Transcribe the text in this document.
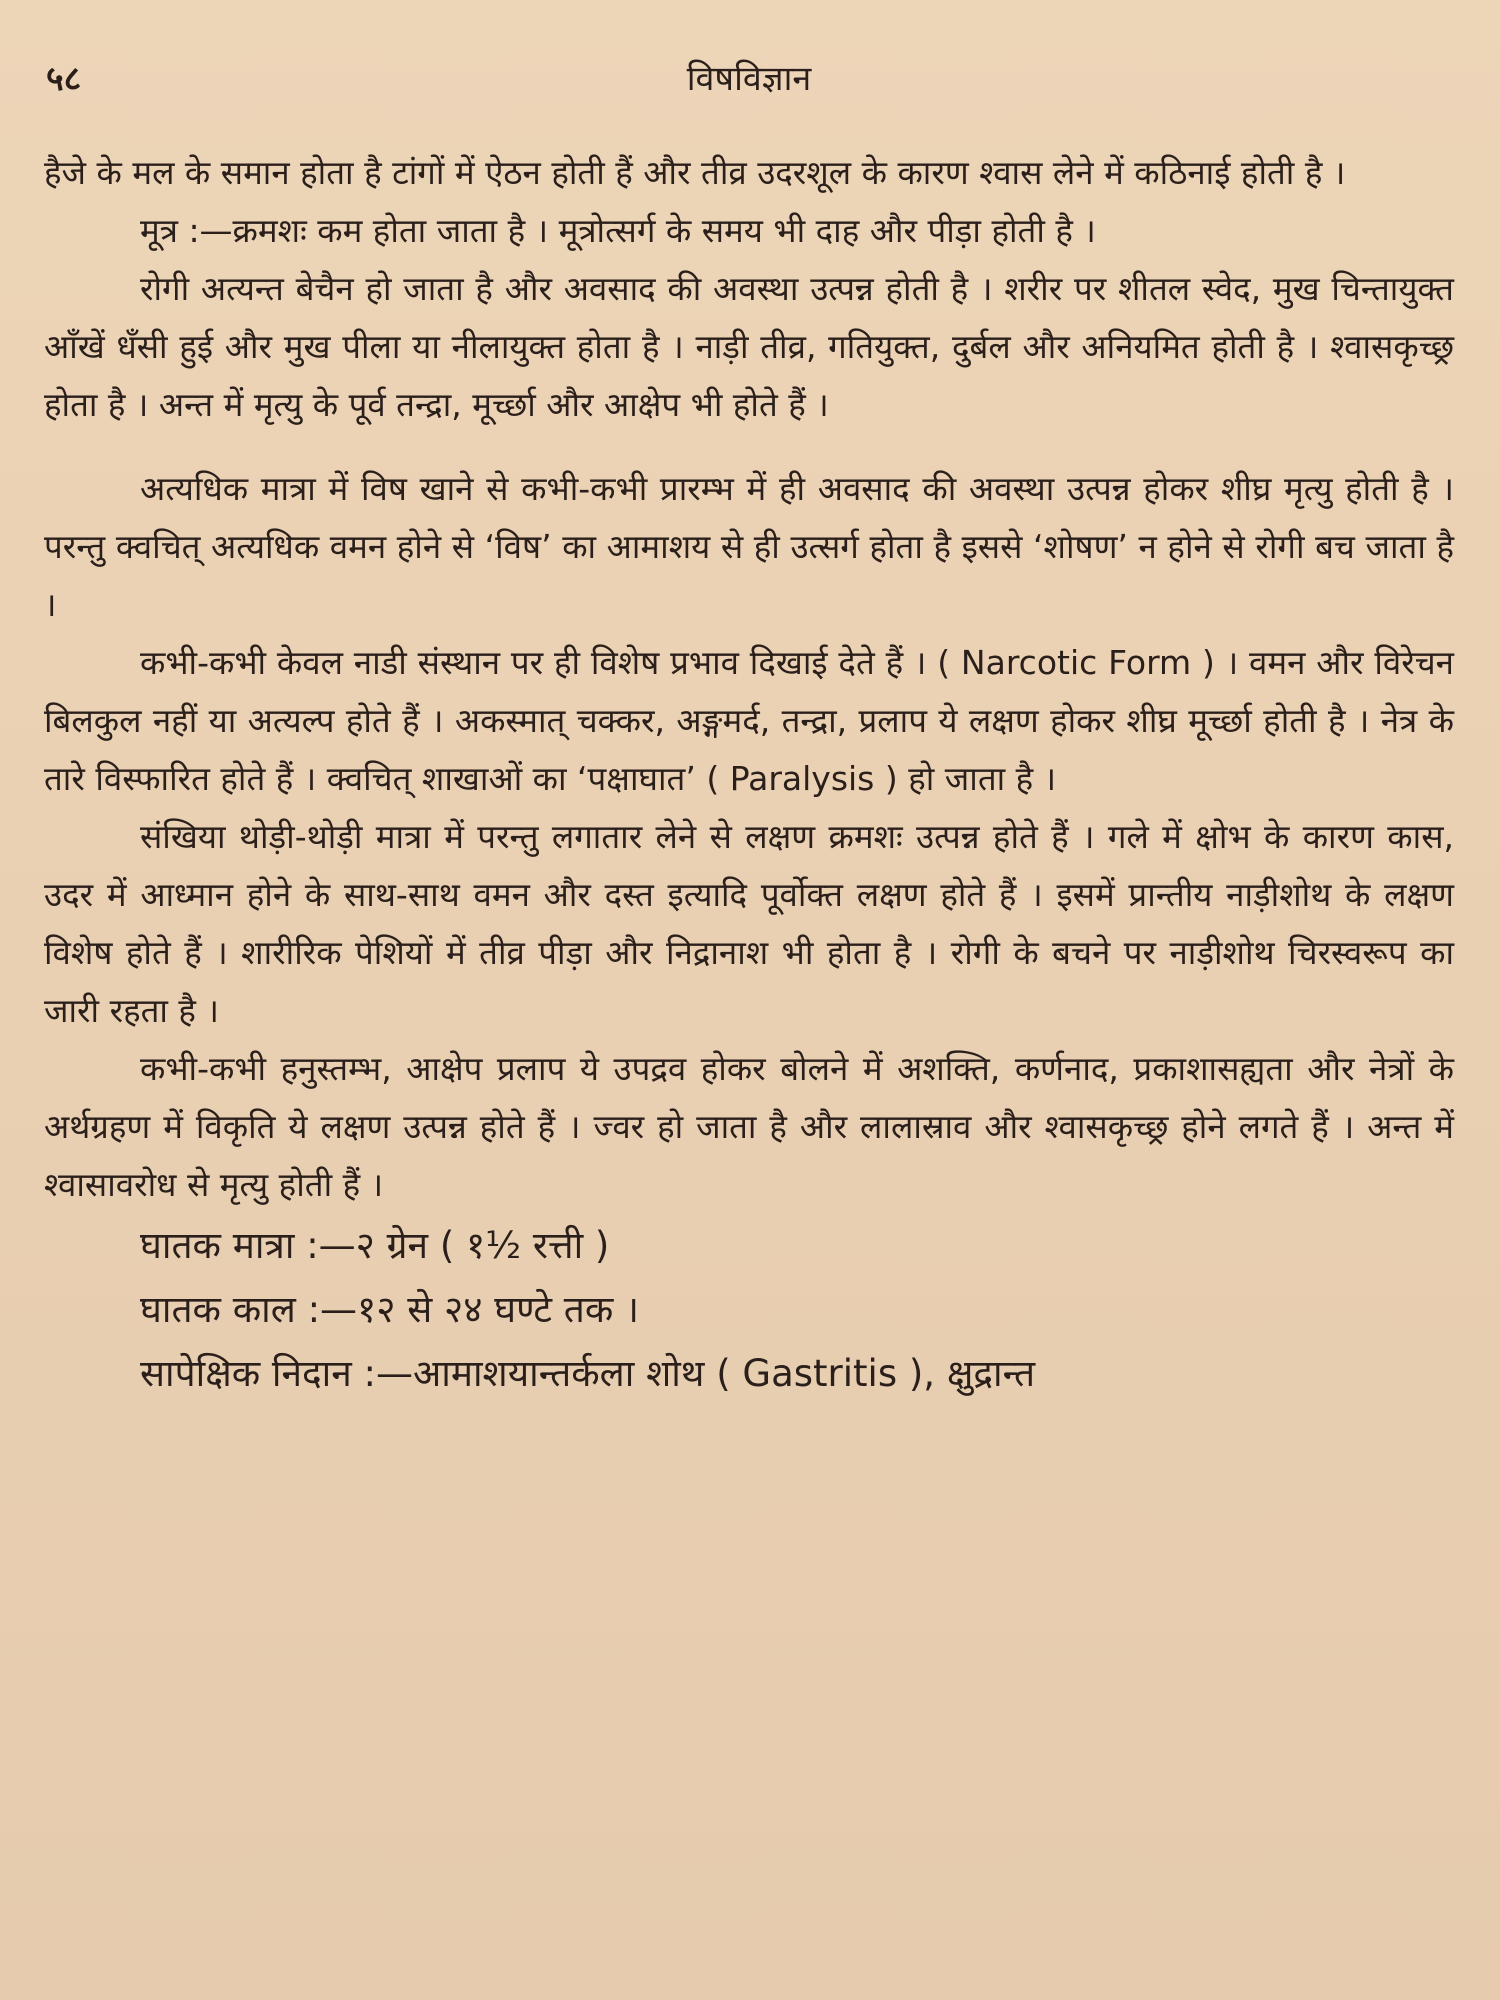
५८	विषविज्ञान

हैजे के मल के समान होता है टांगों में ऐठन होती हैं और तीव्र उदरशूल के कारण श्वास लेने में कठिनाई होती है ।

मूत्र :—क्रमशः कम होता जाता है । मूत्रोत्सर्ग के समय भी दाह और पीड़ा होती है ।

रोगी अत्यन्त बेचैन हो जाता है और अवसाद की अवस्था उत्पन्न होती है । शरीर पर शीतल स्वेद, मुख चिन्तायुक्त आँखें धँसी हुई और मुख पीला या नीलायुक्त होता है । नाड़ी तीव्र, गतियुक्त, दुर्बल और अनियमित होती है । श्वासकृच्छ्र होता है । अन्त में मृत्यु के पूर्व तन्द्रा, मूर्च्छा और आक्षेप भी होते हैं ।

अत्यधिक मात्रा में विष खाने से कभी-कभी प्रारम्भ में ही अवसाद की अवस्था उत्पन्न होकर शीघ्र मृत्यु होती है । परन्तु क्वचित् अत्यधिक वमन होने से ‘विष’ का आमाशय से ही उत्सर्ग होता है इससे ‘शोषण’ न होने से रोगी बच जाता है ।

कभी-कभी केवल नाडी संस्थान पर ही विशेष प्रभाव दिखाई देते हैं । ( Narcotic Form ) । वमन और विरेचन बिलकुल नहीं या अत्यल्प होते हैं । अकस्मात् चक्कर, अङ्गमर्द, तन्द्रा, प्रलाप ये लक्षण होकर शीघ्र मूर्च्छा होती है । नेत्र के तारे विस्फारित होते हैं । क्वचित् शाखाओं का ‘पक्षाघात’ ( Paralysis ) हो जाता है ।

संखिया थोड़ी-थोड़ी मात्रा में परन्तु लगातार लेने से लक्षण क्रमशः उत्पन्न होते हैं । गले में क्षोभ के कारण कास, उदर में आध्मान होने के साथ-साथ वमन और दस्त इत्यादि पूर्वोक्त लक्षण होते हैं । इसमें प्रान्तीय नाड़ीशोथ के लक्षण विशेष होते हैं । शारीरिक पेशियों में तीव्र पीड़ा और निद्रानाश भी होता है । रोगी के बचने पर नाड़ीशोथ चिरस्वरूप का जारी रहता है ।

कभी-कभी हनुस्तम्भ, आक्षेप प्रलाप ये उपद्रव होकर बोलने में अशक्ति, कर्णनाद, प्रकाशासह्यता और नेत्रों के अर्थग्रहण में विकृति ये लक्षण उत्पन्न होते हैं । ज्वर हो जाता है और लालास्राव और श्वासकृच्छ्र होने लगते हैं । अन्त में श्वासावरोध से मृत्यु होती हैं ।

घातक मात्रा :—२ ग्रेन ( १½ रत्ती )

घातक काल :—१२ से २४ घण्टे तक ।

सापेक्षिक निदान :—आमाशयान्तर्कला शोथ ( Gastritis ), क्षुद्रान्त
